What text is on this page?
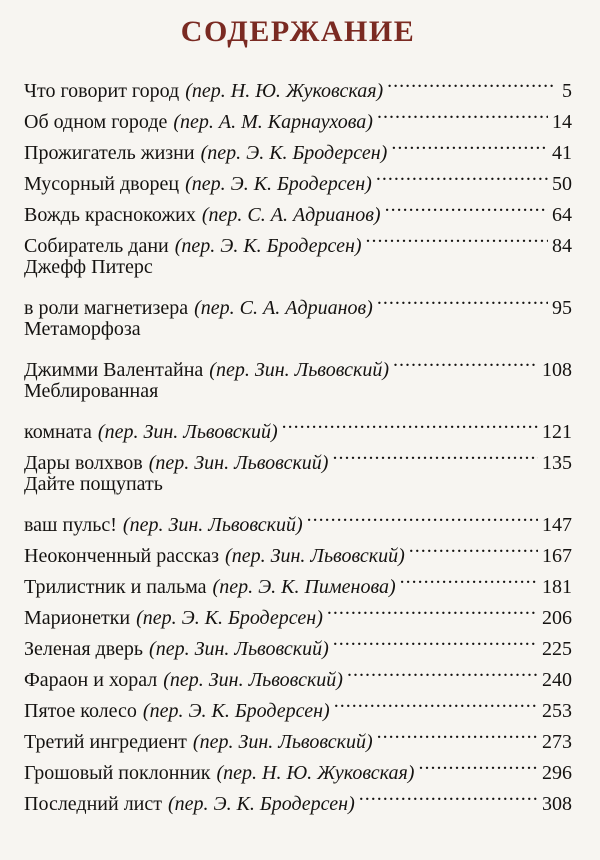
СОДЕРЖАНИЕ
Что говорит город (пер. Н. Ю. Жуковская) .....	5
Об одном городе (пер. А. М. Карнаухова) .....	14
Прожигатель жизни (пер. Э. К. Бродерсен) .....	41
Мусорный дворец (пер. Э. К. Бродерсен) .....	50
Вождь краснокожих (пер. С. А. Адрианов) .....	64
Собиратель дани (пер. Э. К. Бродерсен) .....	84
Джефф Питерс
в роли магнетизера (пер. С. А. Адрианов) .....	95
Метаморфоза
Джимми Валентайна (пер. Зин. Львовский) .....	108
Меблированная
комната (пер. Зин. Львовский) .....	121
Дары волхвов (пер. Зин. Львовский) .....	135
Дайте пощупать
ваш пульс! (пер. Зин. Львовский) .....	147
Неоконченный рассказ (пер. Зин. Львовский) .....	167
Трилистник и пальма (пер. Э. К. Пименова) .....	181
Марионетки (пер. Э. К. Бродерсен) .....	206
Зеленая дверь (пер. Зин. Львовский) .....	225
Фараон и хорал (пер. Зин. Львовский) .....	240
Пятое колесо (пер. Э. К. Бродерсен) .....	253
Третий ингредиент (пер. Зин. Львовский) .....	273
Грошовый поклонник (пер. Н. Ю. Жуковская) .....	296
Последний лист (пер. Э. К. Бродерсен) .....	308
